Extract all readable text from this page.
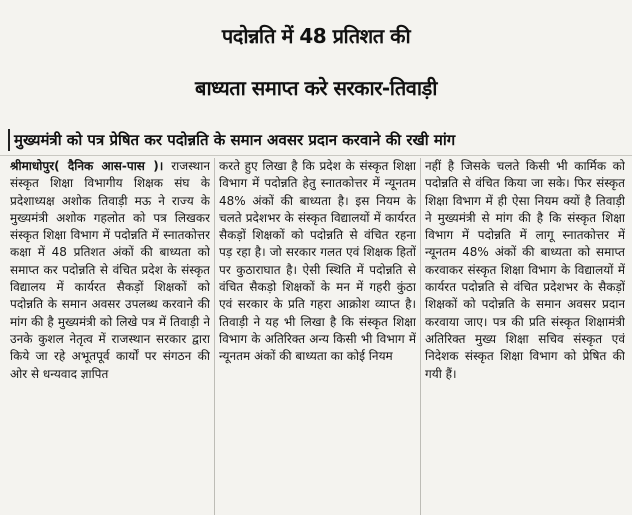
पदोन्नति में 48 प्रतिशत की
बाध्यता समाप्त करे सरकार-तिवाड़ी
मुख्यमंत्री को पत्र प्रेषित कर पदोन्नति के समान अवसर प्रदान करवाने की रखी मांग
श्रीमाधोपुर( दैनिक आस-पास )। राजस्थान संस्कृत शिक्षा विभागीय शिक्षक संघ के प्रदेशाध्यक्ष अशोक तिवाड़ी मऊ ने राज्य के मुख्यमंत्री अशोक गहलोत को पत्र लिखकर संस्कृत शिक्षा विभाग में पदोन्नति में स्नातकोत्तर कक्षा में 48 प्रतिशत अंकों की बाध्यता को समाप्त कर पदोन्नति से वंचित प्रदेश के संस्कृत विद्यालय में कार्यरत सैकड़ों शिक्षकों को पदोन्नति के समान अवसर उपलब्ध करवाने की मांग की है मुख्यमंत्री को लिखे पत्र में तिवाड़ी ने उनके कुशल नेतृत्व में राजस्थान सरकार द्वारा किये जा रहे अभूतपूर्व कार्यों पर संगठन की ओर से धन्यवाद ज्ञापित
करते हुए लिखा है कि प्रदेश के संस्कृत शिक्षा विभाग में पदोन्नति हेतु स्नातकोत्तर में न्यूनतम 48% अंकों की बाध्यता है। इस नियम के चलते प्रदेशभर के संस्कृत विद्यालयों में कार्यरत सैकड़ों शिक्षकों को पदोन्नति से वंचित रहना पड़ रहा है। जो सरकार गलत एवं शिक्षक हितों पर कुठाराघात है। ऐसी स्थिति में पदोन्नति से वंचित सैकड़ो शिक्षकों के मन में गहरी कुंठा एवं सरकार के प्रति गहरा आक्रोश व्याप्त है। तिवाड़ी ने यह भी लिखा है कि संस्कृत शिक्षा विभाग के अतिरिक्त अन्य किसी भी विभाग में न्यूनतम अंकों की बाध्यता का कोई नियम
नहीं है जिसके चलते किसी भी कार्मिक को पदोन्नति से वंचित किया जा सके। फिर संस्कृत शिक्षा विभाग में ही ऐसा नियम क्यों है तिवाड़ी ने मुख्यमंत्री से मांग की है कि संस्कृत शिक्षा विभाग में पदोन्नति में लागू स्नातकोत्तर में न्यूनतम 48% अंकों की बाध्यता को समाप्त करवाकर संस्कृत शिक्षा विभाग के विद्यालयों में कार्यरत पदोन्नति से वंचित प्रदेशभर के सैकड़ों शिक्षकों को पदोन्नति के समान अवसर प्रदान करवाया जाए। पत्र की प्रति संस्कृत शिक्षामंत्री अतिरिक्त मुख्य शिक्षा सचिव संस्कृत एवं निदेशक संस्कृत शिक्षा विभाग को प्रेषित की गयी हैं।
